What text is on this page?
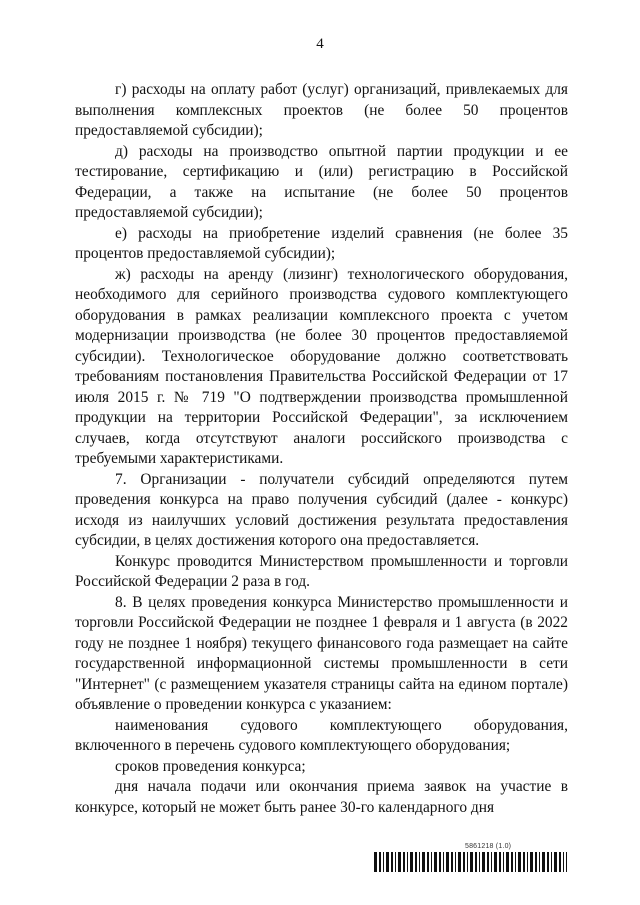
4

г) расходы на оплату работ (услуг) организаций, привлекаемых для выполнения комплексных проектов (не более 50 процентов предоставляемой субсидии);

д) расходы на производство опытной партии продукции и ее тестирование, сертификацию и (или) регистрацию в Российской Федерации, а также на испытание (не более 50 процентов предоставляемой субсидии);

е) расходы на приобретение изделий сравнения (не более 35 процентов предоставляемой субсидии);

ж) расходы на аренду (лизинг) технологического оборудования, необходимого для серийного производства судового комплектующего оборудования в рамках реализации комплексного проекта с учетом модернизации производства (не более 30 процентов предоставляемой субсидии). Технологическое оборудование должно соответствовать требованиям постановления Правительства Российской Федерации от 17 июля 2015 г. № 719 "О подтверждении производства промышленной продукции на территории Российской Федерации", за исключением случаев, когда отсутствуют аналоги российского производства с требуемыми характеристиками.

7. Организации - получатели субсидий определяются путем проведения конкурса на право получения субсидий (далее - конкурс) исходя из наилучших условий достижения результата предоставления субсидии, в целях достижения которого она предоставляется.

Конкурс проводится Министерством промышленности и торговли Российской Федерации 2 раза в год.

8. В целях проведения конкурса Министерство промышленности и торговли Российской Федерации не позднее 1 февраля и 1 августа (в 2022 году не позднее 1 ноября) текущего финансового года размещает на сайте государственной информационной системы промышленности в сети "Интернет" (с размещением указателя страницы сайта на едином портале) объявление о проведении конкурса с указанием:

наименования судового комплектующего оборудования, включенного в перечень судового комплектующего оборудования;

сроков проведения конкурса;

дня начала подачи или окончания приема заявок на участие в конкурсе, который не может быть ранее 30-го календарного дня

5861218 (1.0)
